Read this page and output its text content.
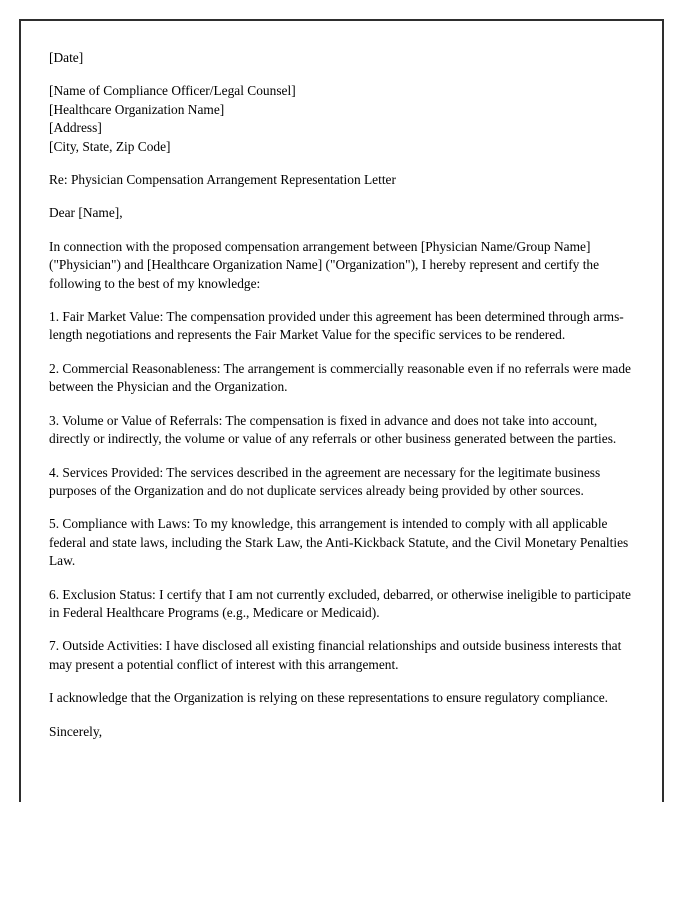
[Date]

[Name of Compliance Officer/Legal Counsel]
[Healthcare Organization Name]
[Address]
[City, State, Zip Code]

Re: Physician Compensation Arrangement Representation Letter

Dear [Name],

In connection with the proposed compensation arrangement between [Physician Name/Group Name] ("Physician") and [Healthcare Organization Name] ("Organization"), I hereby represent and certify the following to the best of my knowledge:

1. Fair Market Value: The compensation provided under this agreement has been determined through arms-length negotiations and represents the Fair Market Value for the specific services to be rendered.

2. Commercial Reasonableness: The arrangement is commercially reasonable even if no referrals were made between the Physician and the Organization.

3. Volume or Value of Referrals: The compensation is fixed in advance and does not take into account, directly or indirectly, the volume or value of any referrals or other business generated between the parties.

4. Services Provided: The services described in the agreement are necessary for the legitimate business purposes of the Organization and do not duplicate services already being provided by other sources.

5. Compliance with Laws: To my knowledge, this arrangement is intended to comply with all applicable federal and state laws, including the Stark Law, the Anti-Kickback Statute, and the Civil Monetary Penalties Law.

6. Exclusion Status: I certify that I am not currently excluded, debarred, or otherwise ineligible to participate in Federal Healthcare Programs (e.g., Medicare or Medicaid).

7. Outside Activities: I have disclosed all existing financial relationships and outside business interests that may present a potential conflict of interest with this arrangement.

I acknowledge that the Organization is relying on these representations to ensure regulatory compliance.

Sincerely,
